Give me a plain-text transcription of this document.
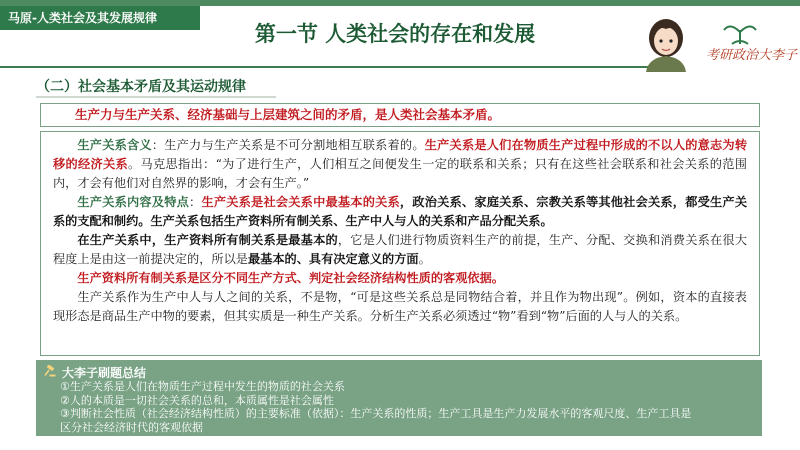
马原-人类社会及其发展规律
第一节 人类社会的存在和发展
考研政治大李子
（二）社会基本矛盾及其运动规律
生产力与生产关系、经济基础与上层建筑之间的矛盾，是人类社会基本矛盾。

生产关系含义：生产力与生产关系是不可分割地相互联系着的。生产关系是人们在物质生产过程中形成的不以人的意志为转移的经济关系。马克思指出：“为了进行生产，人们相互之间便发生一定的联系和关系；只有在这些社会联系和社会关系的范围内，才会有他们对自然界的影响，才会有生产。”

生产关系内容及特点：生产关系是社会关系中最基本的关系，政治关系、家庭关系、宗教关系等其他社会关系，都受生产关系的支配和制约。生产关系包括生产资料所有制关系、生产中人与人的关系和产品分配关系。

在生产关系中，生产资料所有制关系是最基本的，它是人们进行物质资料生产的前提，生产、分配、交换和消费关系在很大程度上是由这一前提决定的，所以是最基本的、具有决定意义的方面。

生产资料所有制关系是区分不同生产方式、判定社会经济结构性质的客观依据。

生产关系作为生产中人与人之间的关系，不是物，“可是这些关系总是同物结合着，并且作为物出现”。例如，资本的直接表现形态是商品生产中物的要素，但其实质是一种生产关系。分析生产关系必须透过“物”看到“物”后面的人与人的关系。

大李子刷题总结
①生产关系是人们在物质生产过程中发生的物质的社会关系
②人的本质是一切社会关系的总和，本质属性是社会属性
③判断社会性质（社会经济结构性质）的主要标准（依据）：生产关系的性质；生产工具是生产力发展水平的客观尺度、生产工具是
区分社会经济时代的客观依据
